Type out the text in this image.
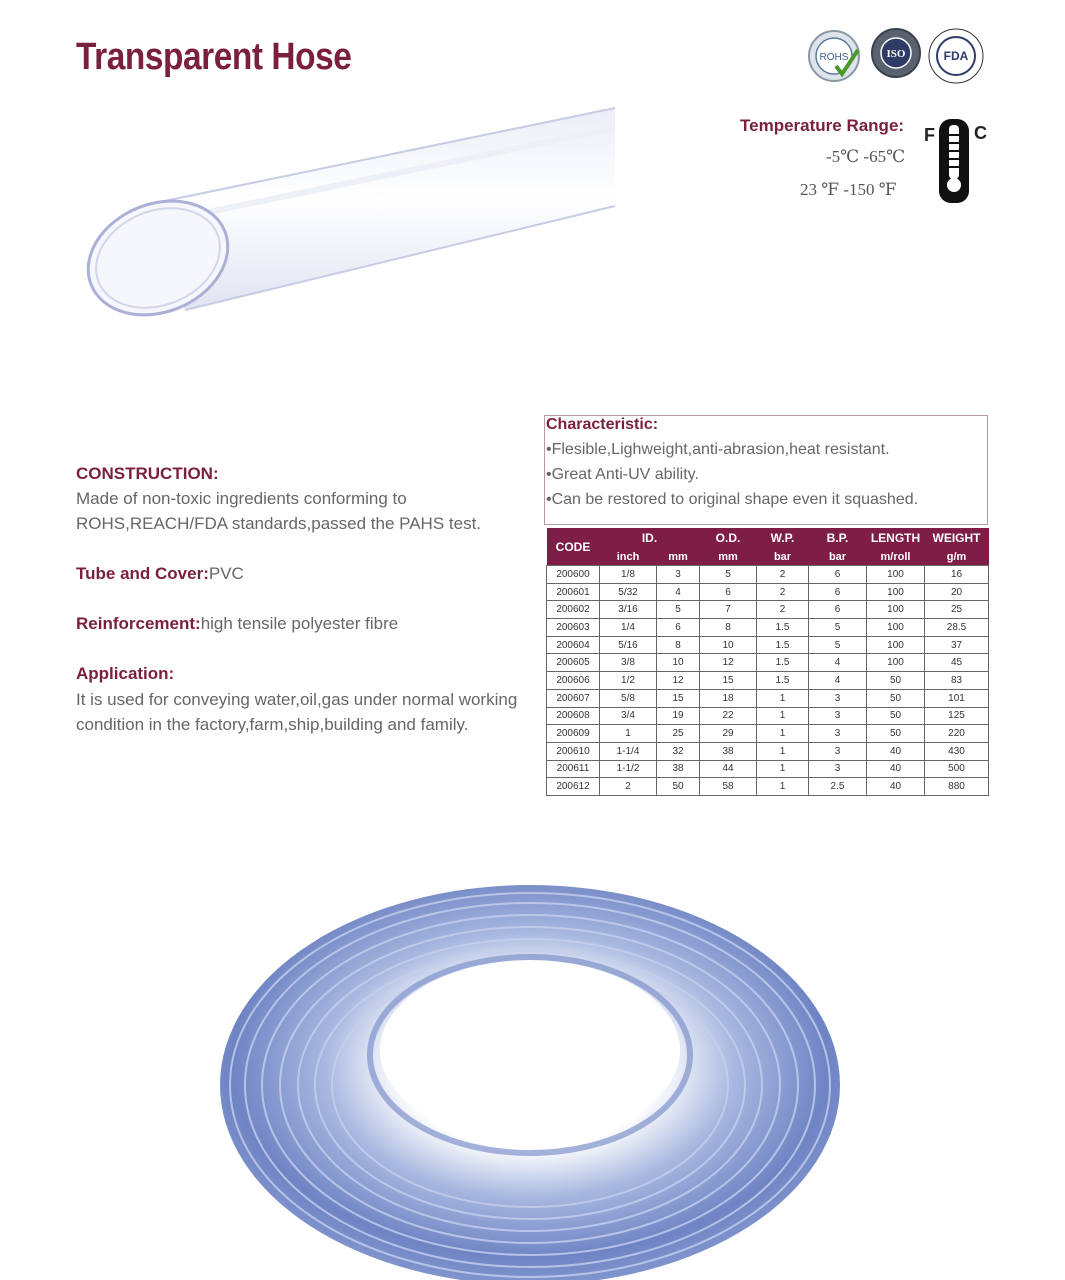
Transparent Hose	ROHS	ISO	FDA
Temperature Range:
-5℃ -65℃
23 ℉ -150 ℉
F C
CONSTRUCTION:
Made of non-toxic ingredients conforming to ROHS,REACH/FDA standards,passed the PAHS test.
Tube and Cover:PVC
Reinforcement:high tensile polyester fibre
Application:
It is used for conveying water,oil,gas under normal working condition in the factory,farm,ship,building and family.
Characteristic:
•Flesible,Lighweight,anti-abrasion,heat resistant.
•Great Anti-UV ability.
•Can be restored to original shape even it squashed.
CODE	ID.		O.D.	W.P.	B.P.	LENGTH	WEIGHT
	inch	mm	mm	bar	bar	m/roll	g/m
200600	1/8	3	5	2	6	100	16
200601	5/32	4	6	2	6	100	20
200602	3/16	5	7	2	6	100	25
200603	1/4	6	8	1.5	5	100	28.5
200604	5/16	8	10	1.5	5	100	37
200605	3/8	10	12	1.5	4	100	45
200606	1/2	12	15	1.5	4	50	83
200607	5/8	15	18	1	3	50	101
200608	3/4	19	22	1	3	50	125
200609	1	25	29	1	3	50	220
200610	1-1/4	32	38	1	3	40	430
200611	1-1/2	38	44	1	3	40	500
200612	2	50	58	1	2.5	40	880
